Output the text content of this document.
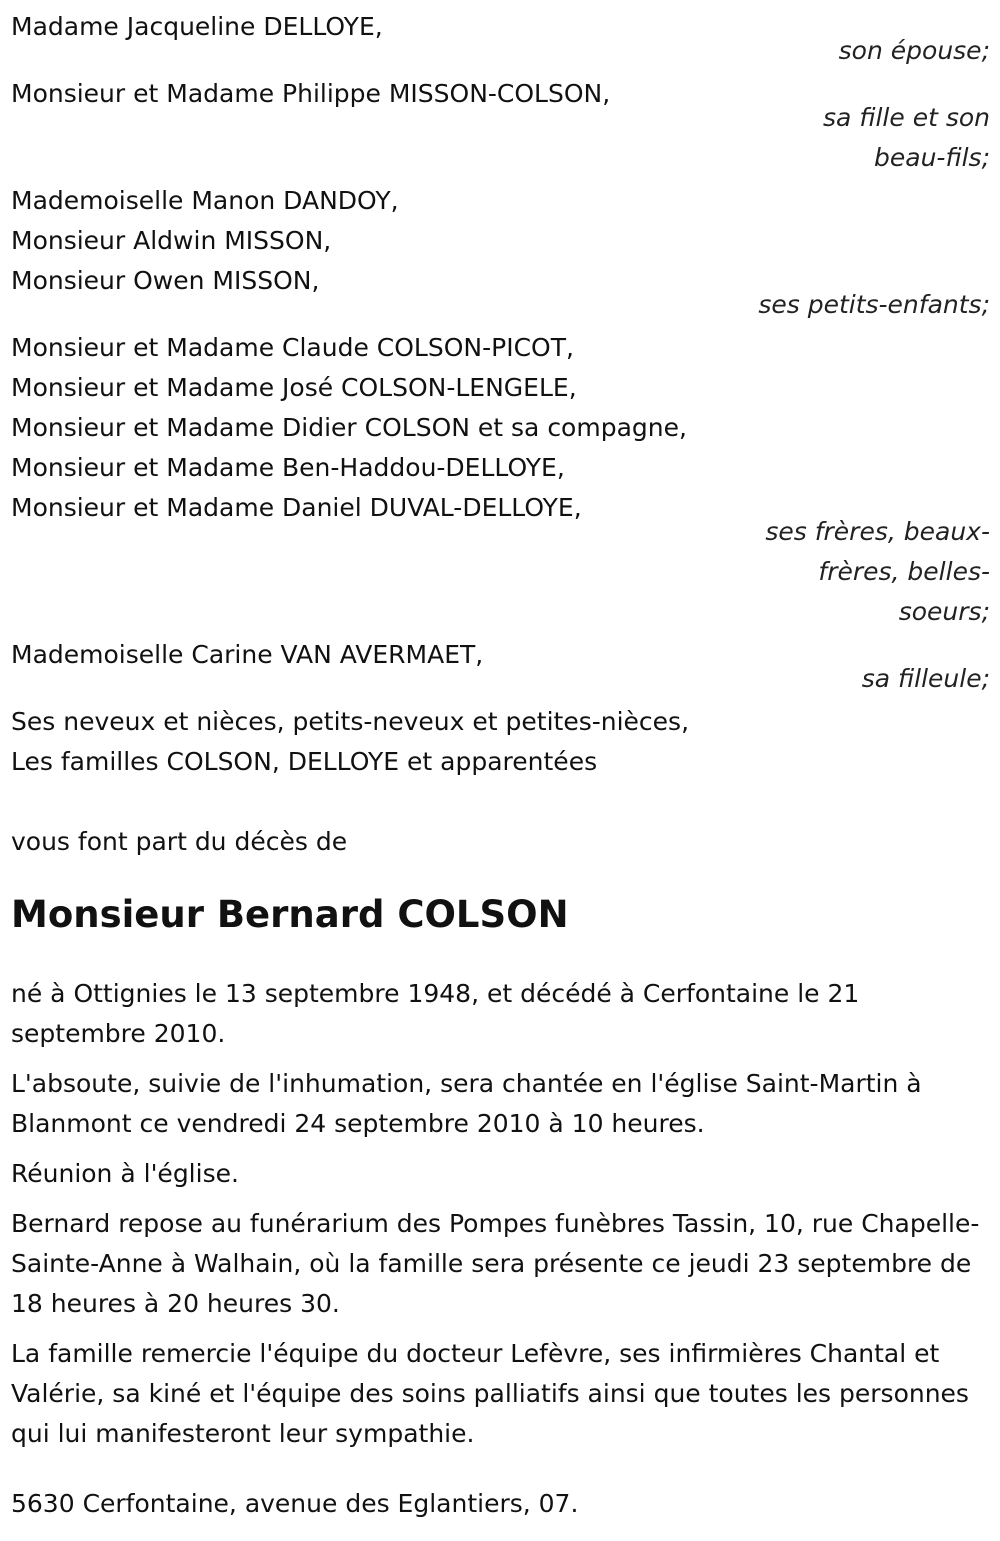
Madame Jacqueline DELLOYE,

son épouse;

Monsieur et Madame Philippe MISSON-COLSON,

sa fille et son

beau-fils;

Mademoiselle Manon DANDOY,

Monsieur Aldwin MISSON,

Monsieur Owen MISSON,

ses petits-enfants;

Monsieur et Madame Claude COLSON-PICOT,

Monsieur et Madame José COLSON-LENGELE,

Monsieur et Madame Didier COLSON et sa compagne,

Monsieur et Madame Ben-Haddou-DELLOYE,

Monsieur et Madame Daniel DUVAL-DELLOYE,

ses frères, beaux-

frères, belles-

soeurs;

Mademoiselle Carine VAN AVERMAET,

sa filleule;

Ses neveux et nièces, petits-neveux et petites-nièces,

Les familles COLSON, DELLOYE et apparentées

vous font part du décès de

Monsieur Bernard COLSON

né à Ottignies le 13 septembre 1948, et décédé à Cerfontaine le 21 septembre 2010.

L'absoute, suivie de l'inhumation, sera chantée en l'église Saint-Martin à Blanmont ce vendredi 24 septembre 2010 à 10 heures.

Réunion à l'église.

Bernard repose au funérarium des Pompes funèbres Tassin, 10, rue Chapelle-Sainte-Anne à Walhain, où la famille sera présente ce jeudi 23 septembre de 18 heures à 20 heures 30.

La famille remercie l'équipe du docteur Lefèvre, ses infirmières Chantal et Valérie, sa kiné et l'équipe des soins palliatifs ainsi que toutes les personnes qui lui manifesteront leur sympathie.

5630 Cerfontaine, avenue des Eglantiers, 07.
